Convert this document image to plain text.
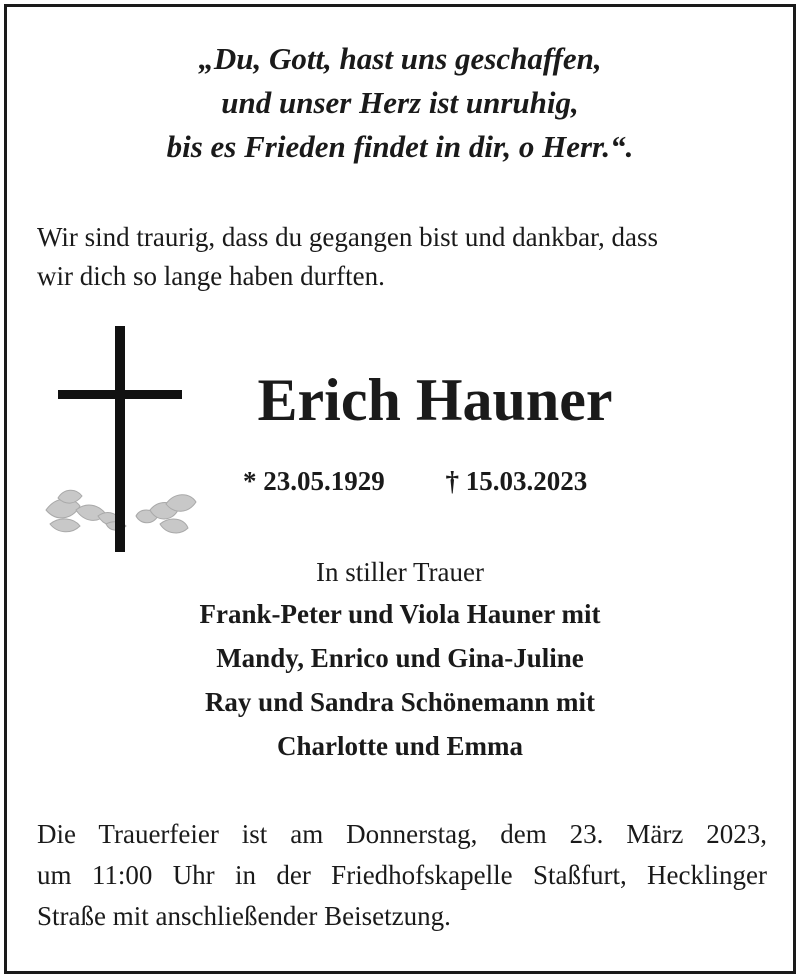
„Du, Gott, hast uns geschaffen,
und unser Herz ist unruhig,
bis es Frieden findet in dir, o Herr.“.
Wir sind traurig, dass du gegangen bist und dankbar, dass
wir dich so lange haben durften.
Erich Hauner
* 23.05.1929 † 15.03.2023
In stiller Trauer
Frank-Peter und Viola Hauner mit
Mandy, Enrico und Gina-Juline
Ray und Sandra Schönemann mit
Charlotte und Emma
Die Trauerfeier ist am Donnerstag, dem 23. März 2023,
um 11:00 Uhr in der Friedhofskapelle Staßfurt, Hecklinger
Straße mit anschließender Beisetzung.
